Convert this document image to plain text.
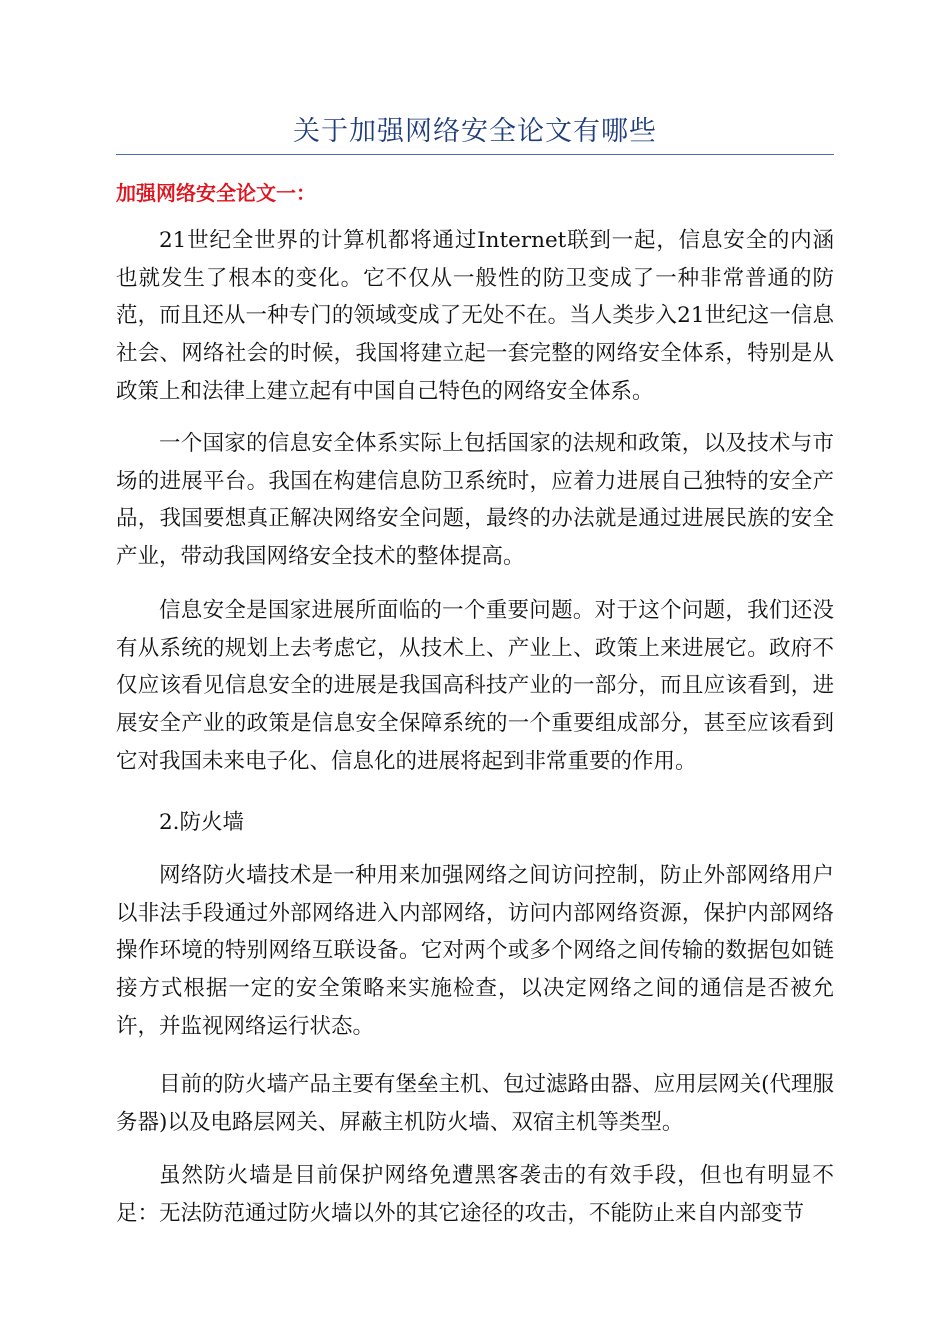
关于加强网络安全论文有哪些
加强网络安全论文一：

21世纪全世界的计算机都将通过Internet联到一起，信息安全的内涵也就发生了根本的变化。它不仅从一般性的防卫变成了一种非常普通的防范，而且还从一种专门的领域变成了无处不在。当人类步入21世纪这一信息社会、网络社会的时候，我国将建立起一套完整的网络安全体系，特别是从政策上和法律上建立起有中国自己特色的网络安全体系。

一个国家的信息安全体系实际上包括国家的法规和政策，以及技术与市场的进展平台。我国在构建信息防卫系统时，应着力进展自己独特的安全产品，我国要想真正解决网络安全问题，最终的办法就是通过进展民族的安全产业，带动我国网络安全技术的整体提高。

信息安全是国家进展所面临的一个重要问题。对于这个问题，我们还没有从系统的规划上去考虑它，从技术上、产业上、政策上来进展它。政府不仅应该看见信息安全的进展是我国高科技产业的一部分，而且应该看到，进展安全产业的政策是信息安全保障系统的一个重要组成部分，甚至应该看到它对我国未来电子化、信息化的进展将起到非常重要的作用。

2.防火墙

网络防火墙技术是一种用来加强网络之间访问控制，防止外部网络用户以非法手段通过外部网络进入内部网络，访问内部网络资源，保护内部网络操作环境的特别网络互联设备。它对两个或多个网络之间传输的数据包如链接方式根据一定的安全策略来实施检查，以决定网络之间的通信是否被允许，并监视网络运行状态。

目前的防火墙产品主要有堡垒主机、包过滤路由器、应用层网关(代理服务器)以及电路层网关、屏蔽主机防火墙、双宿主机等类型。

虽然防火墙是目前保护网络免遭黑客袭击的有效手段，但也有明显不足：无法防范通过防火墙以外的其它途径的攻击，不能防止来自内部变节
